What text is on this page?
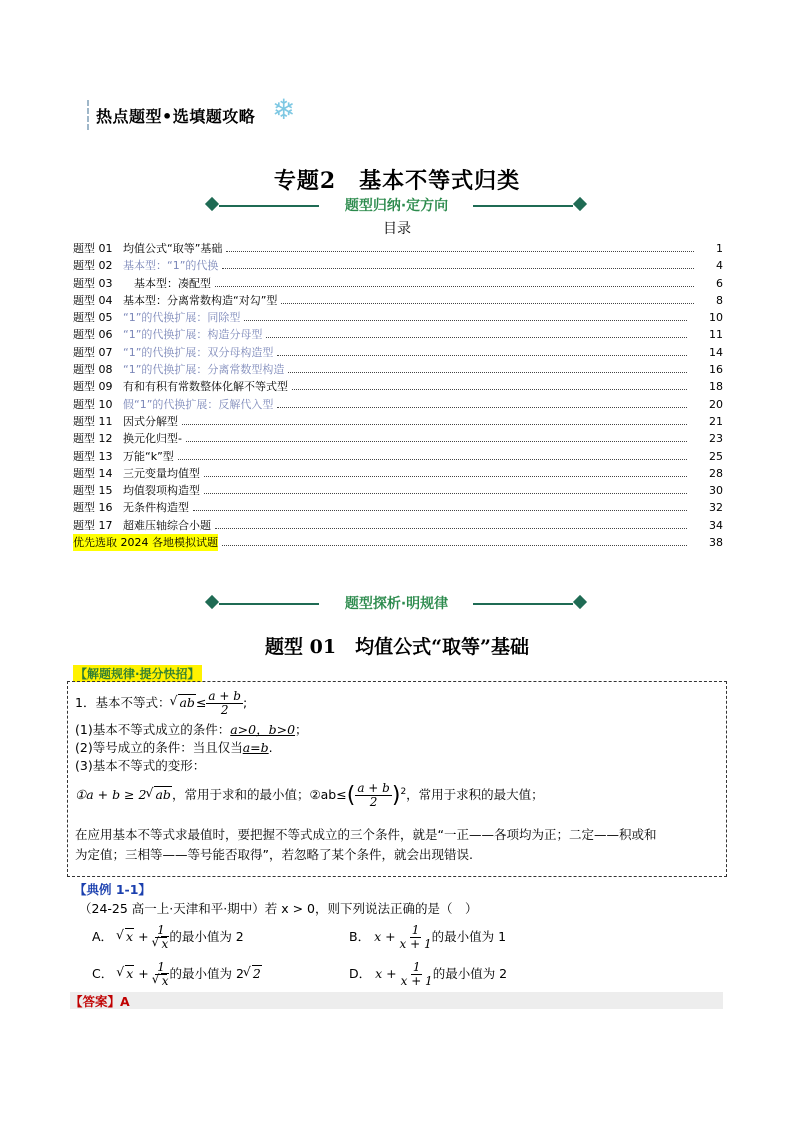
热点题型•选填题攻略 ❄
专题2　基本不等式归类
题型归纳·定方向
目录
题型 01 均值公式“取等”基础	1
题型 02 基本型：“1”的代换	4
题型 03 　基本型：凑配型	6
题型 04 基本型：分离常数构造“对勾”型	8
题型 05 “1”的代换扩展：同除型	10
题型 06 “1”的代换扩展：构造分母型	11
题型 07 “1”的代换扩展：双分母构造型	14
题型 08 “1”的代换扩展：分离常数型构造	16
题型 09 有和有积有常数整体化解不等式型	18
题型 10 假“1”的代换扩展：反解代入型	20
题型 11 因式分解型	21
题型 12 换元化归型-	23
题型 13 万能“k”型	25
题型 14 三元变量均值型	28
题型 15 均值裂项构造型	30
题型 16 无条件构造型	32
题型 17 超难压轴综合小题	34
优先选取 2024 各地模拟试题	38
题型探析·明规律
题型 01　均值公式“取等”基础
【解题规律·提分快招】
1．基本不等式： √ $ab\le \frac{a + b}{2}$ ;
(1)基本不等式成立的条件：a>0，b>0；
(2)等号成立的条件：当且仅当a=b.
(3)基本不等式的变形：
①a + b ≥ 2 √ ab，常用于求和的最小值；②ab≤( $\frac{a + b}{2} )^2$，常用于求积的最大值；
在应用基本不等式求最值时，要把握不等式成立的三个条件，就是“一正——各项均为正；二定——积或和
为定值；三相等——等号能否取得”，若忽略了某个条件，就会出现错误.
【典例 1-1】
（24-25 高一上·天津和平·期中）若 x > 0，则下列说法正确的是（　）
A． √ x + 1
√ x 的最小值为 2	B． $x + \frac{1}{x + 1}$ 的最小值为 1
C． √ x + 1
√ x 的最小值为 2 √ 2	D． $x + \frac{1}{x + 1}$ 的最小值为 2
【答案】A
